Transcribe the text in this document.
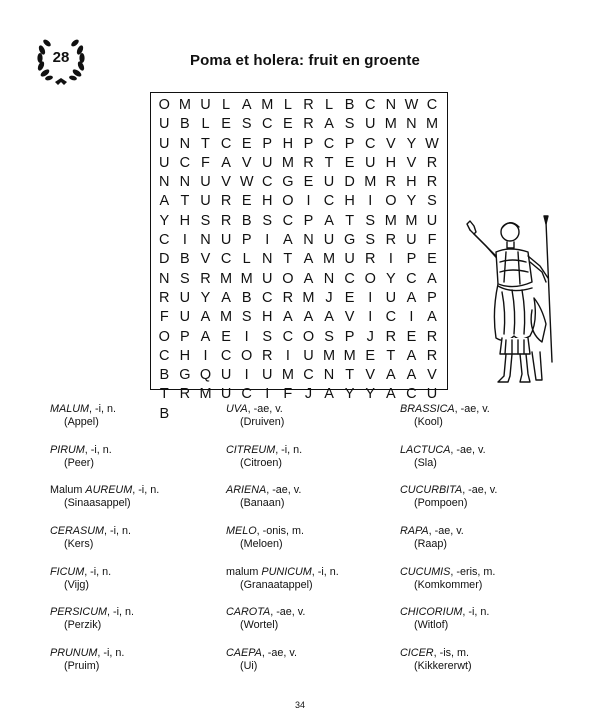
28	Poma et holera: fruit en groente
O M U L A M L R L B C N W C
U B L E S C E R A S U M N M
U N T C E P H P C P C V Y W
U C F A V U M R T E U H V R
N N U V W C G E U D M R H R
A T U R E H O I C H I O Y S
Y H S R B S C P A T S M M U
C I N U P I A N U G S R U F
D B V C L N T A M U R I P E
N S R M M U O A N C O Y C A
R U Y A B C R M J E I U A P
F U A M S H A A A V I C I A
O P A E I S C O S P J R E R
C H I C O R I U M M E T A R
B G Q U I U M C N T V A A V
T R M U C I F J A Y Y A C U
B
MALUM, -i, n.
(Appel)
PIRUM, -i, n.
(Peer)
Malum AUREUM, -i, n.
(Sinaasappel)
CERASUM, -i, n.
(Kers)
FICUM, -i, n.
(Vijg)
PERSICUM, -i, n.
(Perzik)
PRUNUM, -i, n.
(Pruim)
UVA, -ae, v.
(Druiven)
CITREUM, -i, n.
(Citroen)
ARIENA, -ae, v.
(Banaan)
MELO, -onis, m.
(Meloen)
malum PUNICUM, -i, n.
(Granaatappel)
CAROTA, -ae, v.
(Wortel)
CAEPA, -ae, v.
(Ui)
BRASSICA, -ae, v.
(Kool)
LACTUCA, -ae, v.
(Sla)
CUCURBITA, -ae, v.
(Pompoen)
RAPA, -ae, v.
(Raap)
CUCUMIS, -eris, m.
(Komkommer)
CHICORIUM, -i, n.
(Witlof)
CICER, -is, m.
(Kikkererwt)
34
